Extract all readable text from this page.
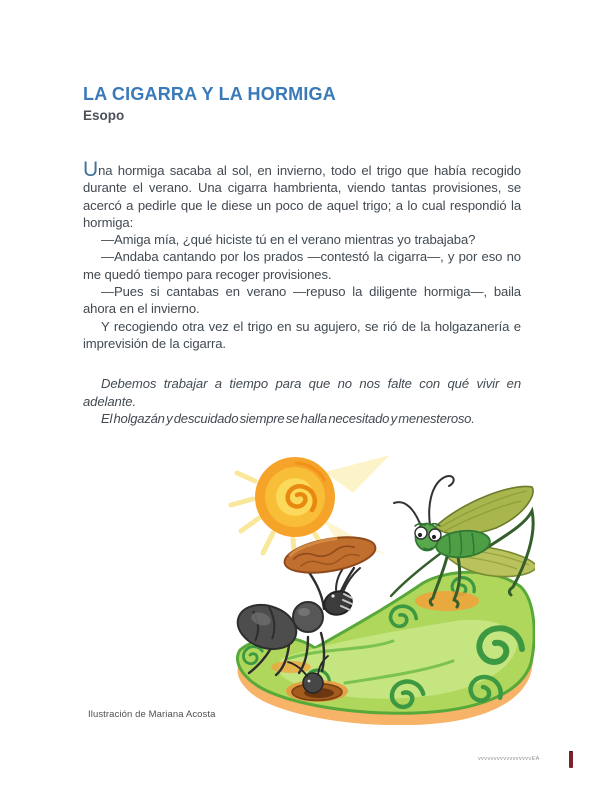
LA CIGARRA Y LA HORMIGA
Esopo

Una hormiga sacaba al sol, en invierno, todo el trigo que había recogido durante el verano. Una cigarra hambrienta, viendo tantas provisiones, se acercó a pedirle que le diese un poco de aquel trigo; a lo cual respondió la hormiga:

—Amiga mía, ¿qué hiciste tú en el verano mientras yo trabajaba?

—Andaba cantando por los prados —contestó la cigarra—, y por eso no me quedó tiempo para recoger provisiones.

—Pues si cantabas en verano —repuso la diligente hormiga—, baila ahora en el invierno.

Y recogiendo otra vez el trigo en su agujero, se rió de la holgazanería e imprevisión de la cigarra.

Debemos trabajar a tiempo para que no nos falte con qué vivir en adelante.

El holgazán y descuidado siempre se halla necesitado y menesteroso.

Ilustración de Mariana Acosta
vvvvvvvvvvvvvvvvvEA
